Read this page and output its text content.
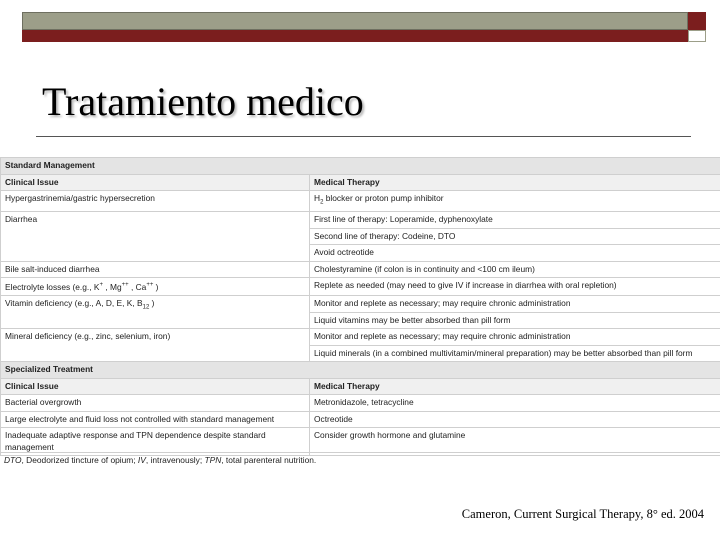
Tratamiento medico
Standard Management	
Clinical Issue	Medical Therapy
Hypergastrinemia/gastric hypersecretion	$H_2$ blocker or proton pump inhibitor
Diarrhea	First line of therapy: Loperamide, dyphenoxylate
	Second line of therapy: Codeine, DTO
	Avoid octreotide
Bile salt-induced diarrhea	Cholestyramine (if colon is in continuity and <100 cm ileum)
Electrolyte losses (e.g., K+ , Mg++ , Ca++ )	Replete as needed (may need to give IV if increase in diarrhea with oral repletion)
Vitamin deficiency (e.g., A, D, E, K, $B_{12}$ )	Monitor and replete as necessary; may require chronic administration
	Liquid vitamins may be better absorbed than pill form
Mineral deficiency (e.g., zinc, selenium, iron)	Monitor and replete as necessary; may require chronic administration
	Liquid minerals (in a combined multivitamin/mineral preparation) may be better absorbed than pill form
Specialized Treatment	
Clinical Issue	Medical Therapy
Bacterial overgrowth	Metronidazole, tetracycline
Large electrolyte and fluid loss not controlled with standard management	Octreotide
Inadequate adaptive response and TPN dependence despite standard management	Consider growth hormone and glutamine
DTO, Deodorized tincture of opium; IV, intravenously; TPN, total parenteral nutrition.
Cameron, Current Surgical Therapy, 8° ed. 2004
